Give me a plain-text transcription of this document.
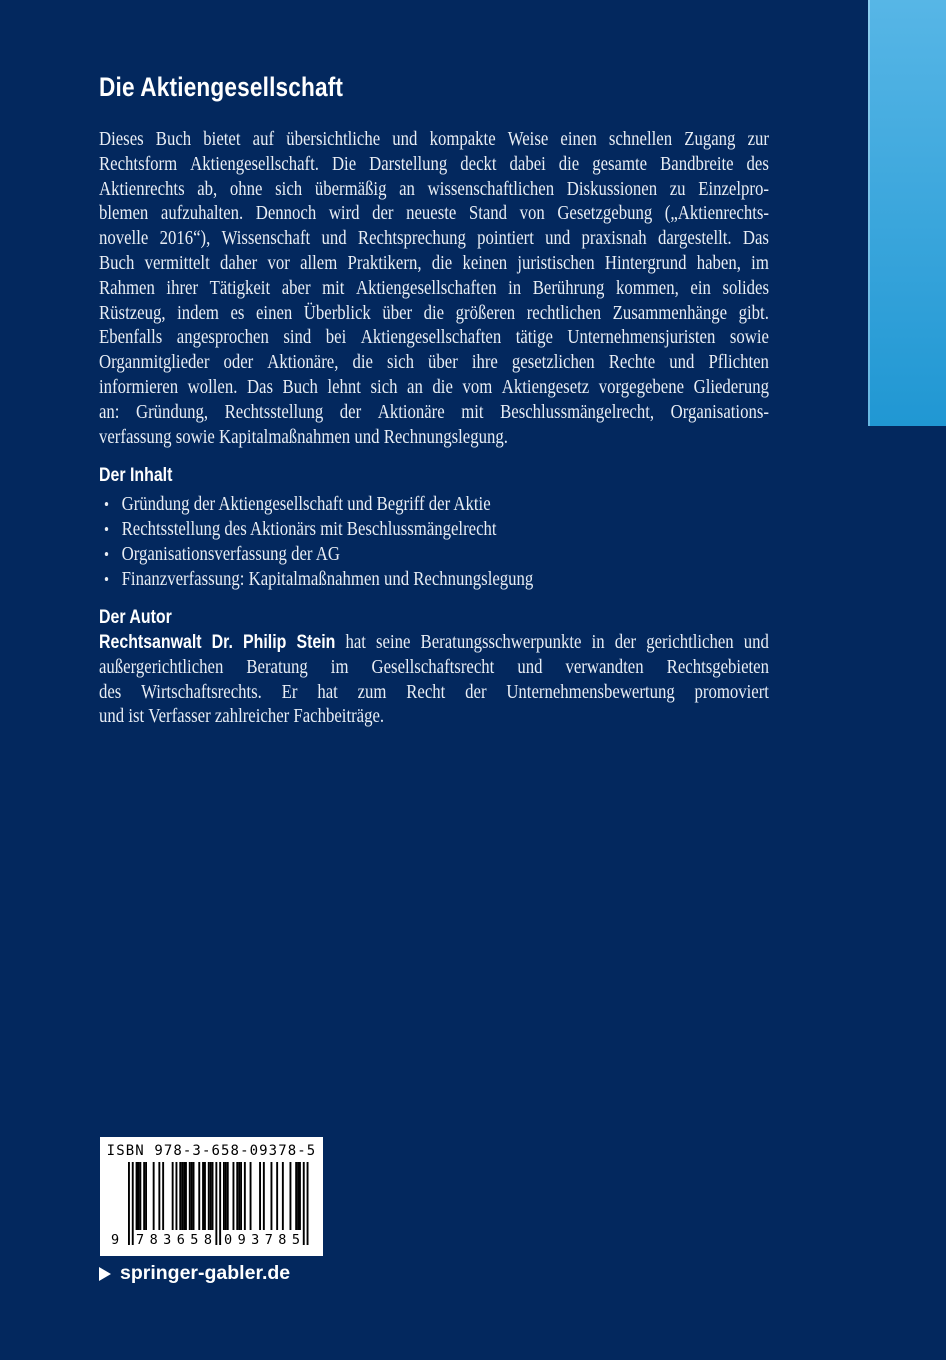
Die Aktiengesellschaft
Dieses Buch bietet auf übersichtliche und kompakte Weise einen schnellen Zugang zur
Rechtsform Aktiengesellschaft. Die Darstellung deckt dabei die gesamte Bandbreite des
Aktienrechts ab, ohne sich übermäßig an wissenschaftlichen Diskussionen zu Einzelpro-
blemen aufzuhalten. Dennoch wird der neueste Stand von Gesetzgebung („Aktienrechts-
novelle 2016“), Wissenschaft und Rechtsprechung pointiert und praxisnah dargestellt. Das
Buch vermittelt daher vor allem Praktikern, die keinen juristischen Hintergrund haben, im
Rahmen ihrer Tätigkeit aber mit Aktiengesellschaften in Berührung kommen, ein solides
Rüstzeug, indem es einen Überblick über die größeren rechtlichen Zusammenhänge gibt.
Ebenfalls angesprochen sind bei Aktiengesellschaften tätige Unternehmensjuristen sowie
Organmitglieder oder Aktionäre, die sich über ihre gesetzlichen Rechte und Pflichten
informieren wollen. Das Buch lehnt sich an die vom Aktiengesetz vorgegebene Gliederung
an: Gründung, Rechtsstellung der Aktionäre mit Beschlussmängelrecht, Organisations-
verfassung sowie Kapitalmaßnahmen und Rechnungslegung.
Der Inhalt
• Gründung der Aktiengesellschaft und Begriff der Aktie
• Rechtsstellung des Aktionärs mit Beschlussmängelrecht
• Organisationsverfassung der AG
• Finanzverfassung: Kapitalmaßnahmen und Rechnungslegung
Der Autor
Rechtsanwalt Dr. Philip Stein hat seine Beratungsschwerpunkte in der gerichtlichen und
außergerichtlichen Beratung im Gesellschaftsrecht und verwandten Rechtsgebieten
des Wirtschaftsrechts. Er hat zum Recht der Unternehmensbewertung promoviert
und ist Verfasser zahlreicher Fachbeiträge.
ISBN 978-3-658-09378-5
9 7 8 3 6 5 8 0 9 3 7 8 5
springer-gabler.de
